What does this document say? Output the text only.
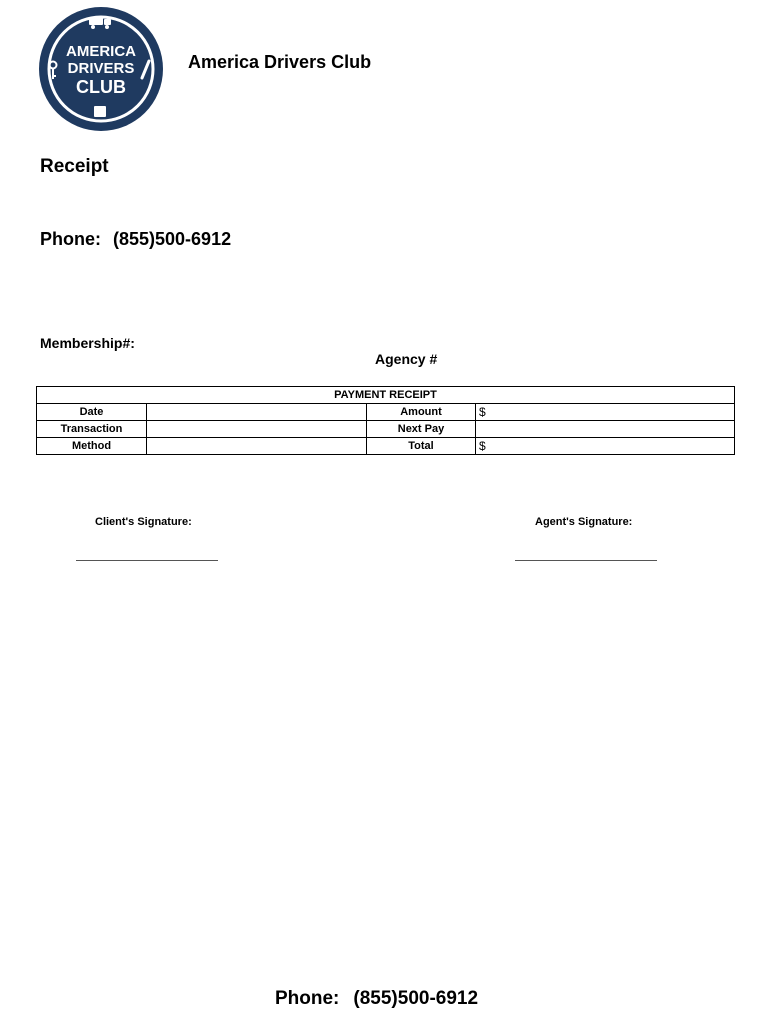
AMERICA
DRIVERS
CLUB
America Drivers Club
Receipt
Phone: (855)500-6912
Membership#:
Agency #
PAYMENT RECEIPT			
Date		Amount	$
Transaction		Next Pay	
Method		Total	$
Client's Signature:	Agent's Signature:
Phone: (855)500-6912
